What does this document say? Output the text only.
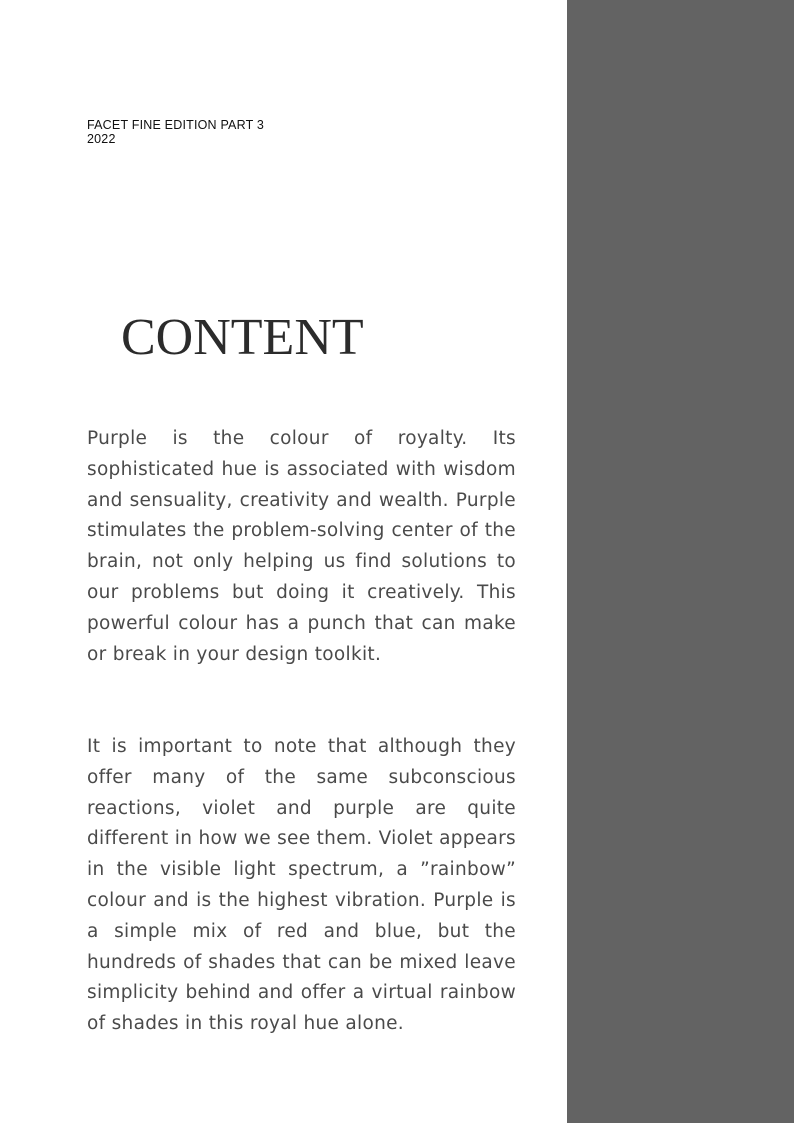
FACET FINE EDITION PART 3
2022
CONTENT

Purple is the colour of royalty. Its sophisticated hue is associated with wisdom and sensuality, creativity and wealth. Purple stimulates the problem-solving center of the brain, not only helping us find solutions to our problems but doing it creatively. This powerful colour has a punch that can make or break in your design toolkit.

It is important to note that although they offer many of the same subconscious reactions, violet and purple are quite different in how we see them. Violet appears in the visible light spectrum, a ”rainbow” colour and is the highest vibration. Purple is a simple mix of red and blue, but the hundreds of shades that can be mixed leave simplicity behind and offer a virtual rainbow of shades in this royal hue alone.
